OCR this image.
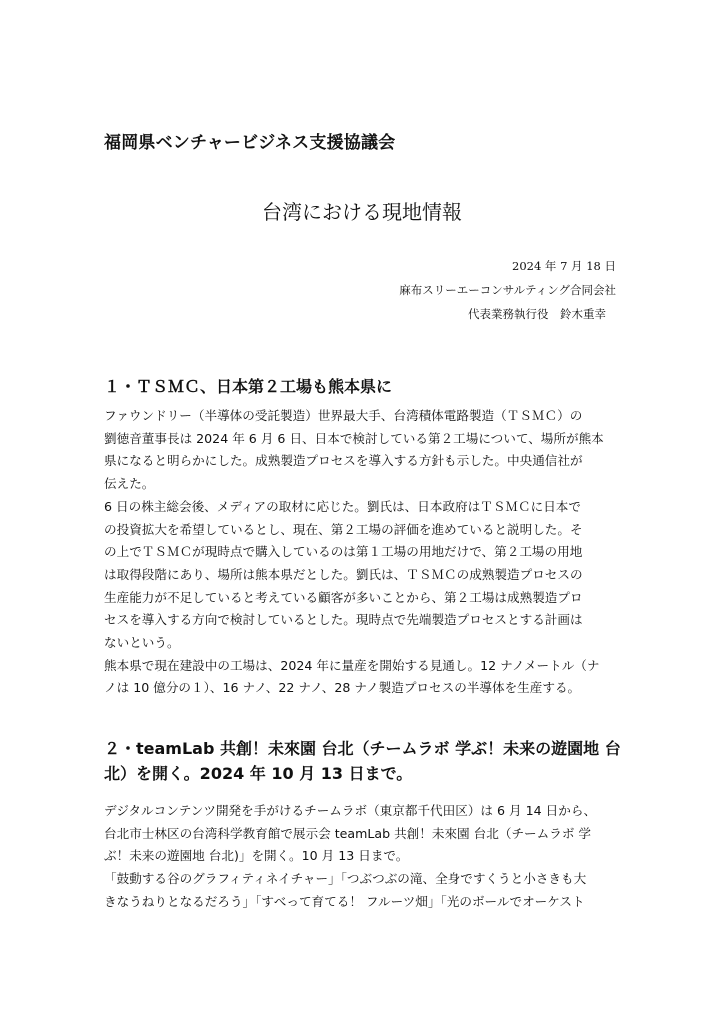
福岡県ベンチャービジネス支援協議会
台湾における現地情報
2024 年 7 月 18 日
麻布スリーエーコンサルティング合同会社
代表業務執行役　鈴木重幸
１・ＴＳＭＣ、日本第２工場も熊本県に
ファウンドリー（半導体の受託製造）世界最大手、台湾積体電路製造（ＴＳＭＣ）の
劉徳音董事長は 2024 年 6 月 6 日、日本で検討している第２工場について、場所が熊本
県になると明らかにした。成熟製造プロセスを導入する方針も示した。中央通信社が
伝えた。
6 日の株主総会後、メディアの取材に応じた。劉氏は、日本政府はＴＳＭＣに日本で
の投資拡大を希望しているとし、現在、第２工場の評価を進めていると説明した。そ
の上でＴＳＭＣが現時点で購入しているのは第１工場の用地だけで、第２工場の用地
は取得段階にあり、場所は熊本県だとした。劉氏は、ＴＳＭＣの成熟製造プロセスの
生産能力が不足していると考えている顧客が多いことから、第２工場は成熟製造プロ
セスを導入する方向で検討しているとした。現時点で先端製造プロセスとする計画は
ないという。
熊本県で現在建設中の工場は、2024 年に量産を開始する見通し。12 ナノメートル（ナ
ノは 10 億分の１）、16 ナノ、22 ナノ、28 ナノ製造プロセスの半導体を生産する。
２・teamLab 共創！未來園 台北（チームラボ 学ぶ！未来の遊園地 台北）を開く。2024 年 10 月 13 日まで。
デジタルコンテンツ開発を手がけるチームラボ（東京都千代田区）は 6 月 14 日から、
台北市士林区の台湾科学教育館で展示会 teamLab 共創！未來園 台北（チームラボ 学
ぶ！未来の遊園地 台北)」を開く。10 月 13 日まで。
「鼓動する谷のグラフィティネイチャー」「つぶつぶの滝、全身ですくうと小さきも大
きなうねりとなるだろう」「すべって育てる！ フルーツ畑」「光のボールでオーケスト
